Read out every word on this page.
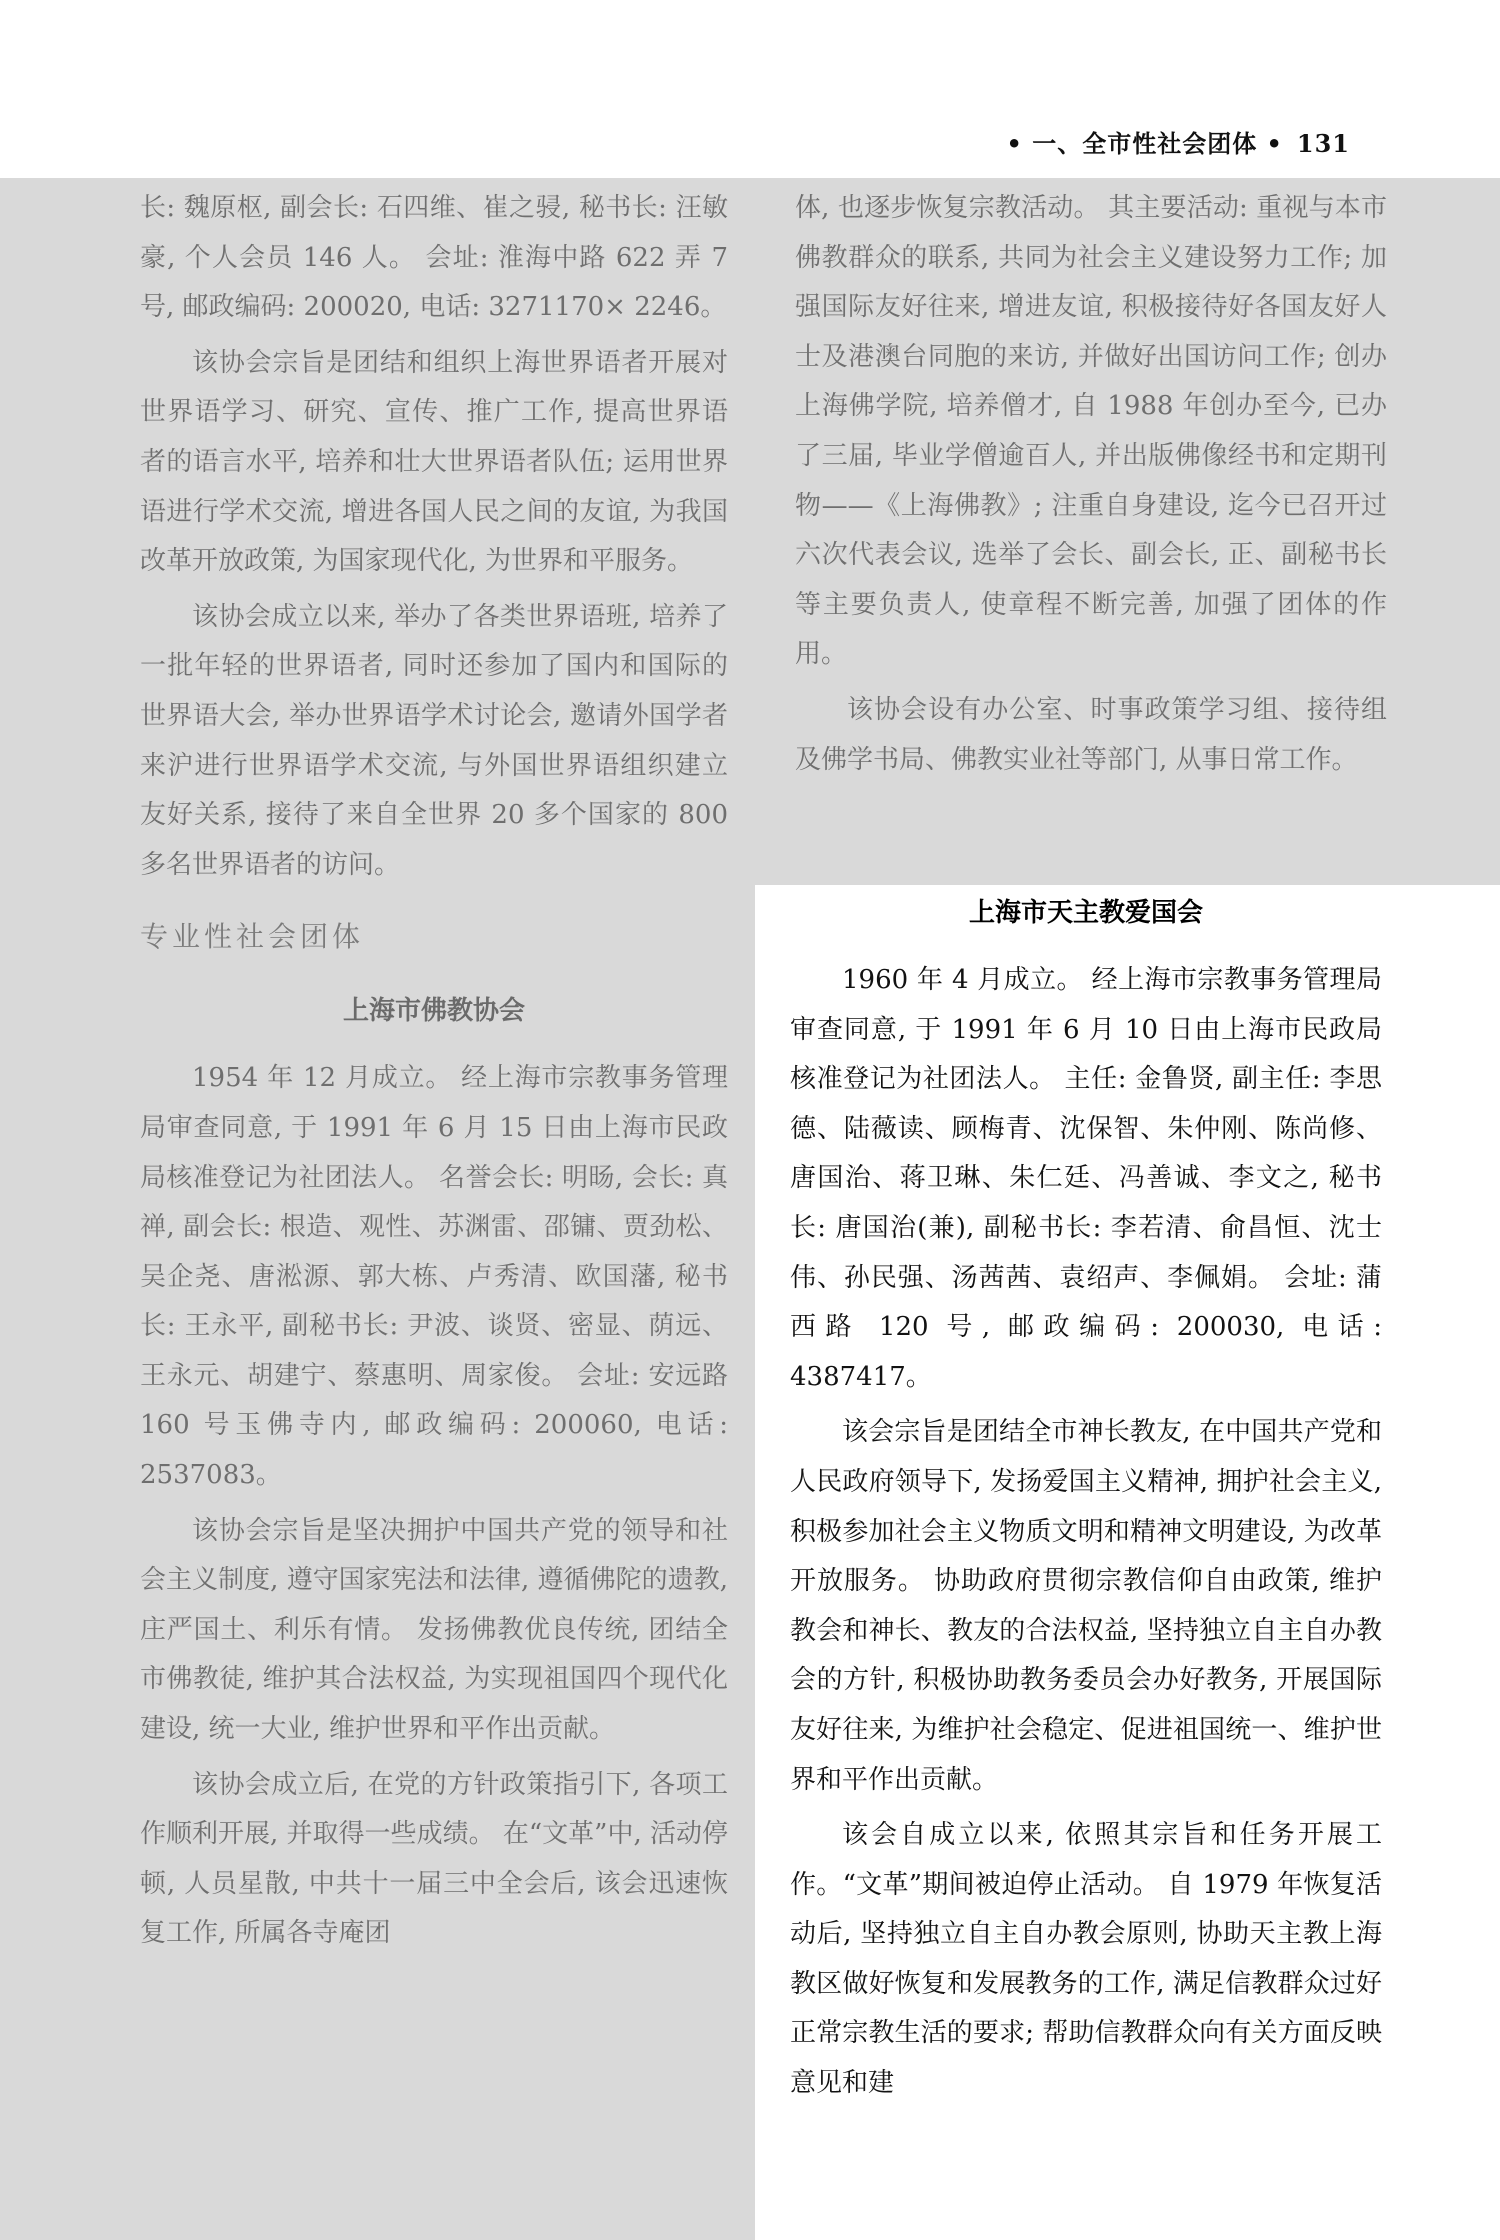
• 一、全市性社会团体 • 131

长: 魏原枢, 副会长: 石四维、崔之骎, 秘书长: 汪敏豪, 个人会员 146 人。 会址: 淮海中路 622 弄 7 号, 邮政编码: 200020, 电话: 3271170× 2246。

该协会宗旨是团结和组织上海世界语者开展对世界语学习、研究、宣传、推广工作, 提高世界语者的语言水平, 培养和壮大世界语者队伍; 运用世界语进行学术交流, 增进各国人民之间的友谊, 为我国改革开放政策, 为国家现代化, 为世界和平服务。

该协会成立以来, 举办了各类世界语班, 培养了一批年轻的世界语者, 同时还参加了国内和国际的世界语大会, 举办世界语学术讨论会, 邀请外国学者来沪进行世界语学术交流, 与外国世界语组织建立友好关系, 接待了来自全世界 20 多个国家的 800 多名世界语者的访问。

专业性社会团体
上海市佛教协会

1954 年 12 月成立。 经上海市宗教事务管理局审查同意, 于 1991 年 6 月 15 日由上海市民政局核准登记为社团法人。 名誉会长: 明旸, 会长: 真禅, 副会长: 根造、观性、苏渊雷、邵镛、贾劲松、吴企尧、唐淞源、郭大栋、卢秀清、欧国藩, 秘书长: 王永平, 副秘书长: 尹波、谈贤、密显、荫远、王永元、胡建宁、蔡惠明、周家俊。 会址: 安远路 160 号玉佛寺内, 邮政编码: 200060, 电话: 2537083。

该协会宗旨是坚决拥护中国共产党的领导和社会主义制度, 遵守国家宪法和法律, 遵循佛陀的遗教, 庄严国土、利乐有情。 发扬佛教优良传统, 团结全市佛教徒, 维护其合法权益, 为实现祖国四个现代化建设, 统一大业, 维护世界和平作出贡献。

该协会成立后, 在党的方针政策指引下, 各项工作顺利开展, 并取得一些成绩。 在“文革”中, 活动停顿, 人员星散, 中共十一届三中全会后, 该会迅速恢复工作, 所属各寺庵团

体, 也逐步恢复宗教活动。 其主要活动: 重视与本市佛教群众的联系, 共同为社会主义建设努力工作; 加强国际友好往来, 增进友谊, 积极接待好各国友好人士及港澳台同胞的来访, 并做好出国访问工作; 创办上海佛学院, 培养僧才, 自 1988 年创办至今, 已办了三届, 毕业学僧逾百人, 并出版佛像经书和定期刊物——《上海佛教》; 注重自身建设, 迄今已召开过六次代表会议, 选举了会长、副会长, 正、副秘书长等主要负责人, 使章程不断完善, 加强了团体的作用。

该协会设有办公室、时事政策学习组、接待组及佛学书局、佛教实业社等部门, 从事日常工作。

上海市天主教爱国会

1960 年 4 月成立。 经上海市宗教事务管理局审查同意, 于 1991 年 6 月 10 日由上海市民政局核准登记为社团法人。 主任: 金鲁贤, 副主任: 李思德、陆薇读、顾梅青、沈保智、朱仲刚、陈尚修、唐国治、蒋卫琳、朱仁廷、冯善诚、李文之, 秘书长: 唐国治(兼), 副秘书长: 李若清、俞昌恒、沈士伟、孙民强、汤茜茜、袁绍声、李佩娟。 会址: 蒲西路 120 号, 邮政编码: 200030, 电话: 4387417。

该会宗旨是团结全市神长教友, 在中国共产党和人民政府领导下, 发扬爱国主义精神, 拥护社会主义, 积极参加社会主义物质文明和精神文明建设, 为改革开放服务。 协助政府贯彻宗教信仰自由政策, 维护教会和神长、教友的合法权益, 坚持独立自主自办教会的方针, 积极协助教务委员会办好教务, 开展国际友好往来, 为维护社会稳定、促进祖国统一、维护世界和平作出贡献。

该会自成立以来, 依照其宗旨和任务开展工作。“文革”期间被迫停止活动。 自 1979 年恢复活动后, 坚持独立自主自办教会原则, 协助天主教上海教区做好恢复和发展教务的工作, 满足信教群众过好正常宗教生活的要求; 帮助信教群众向有关方面反映意见和建
